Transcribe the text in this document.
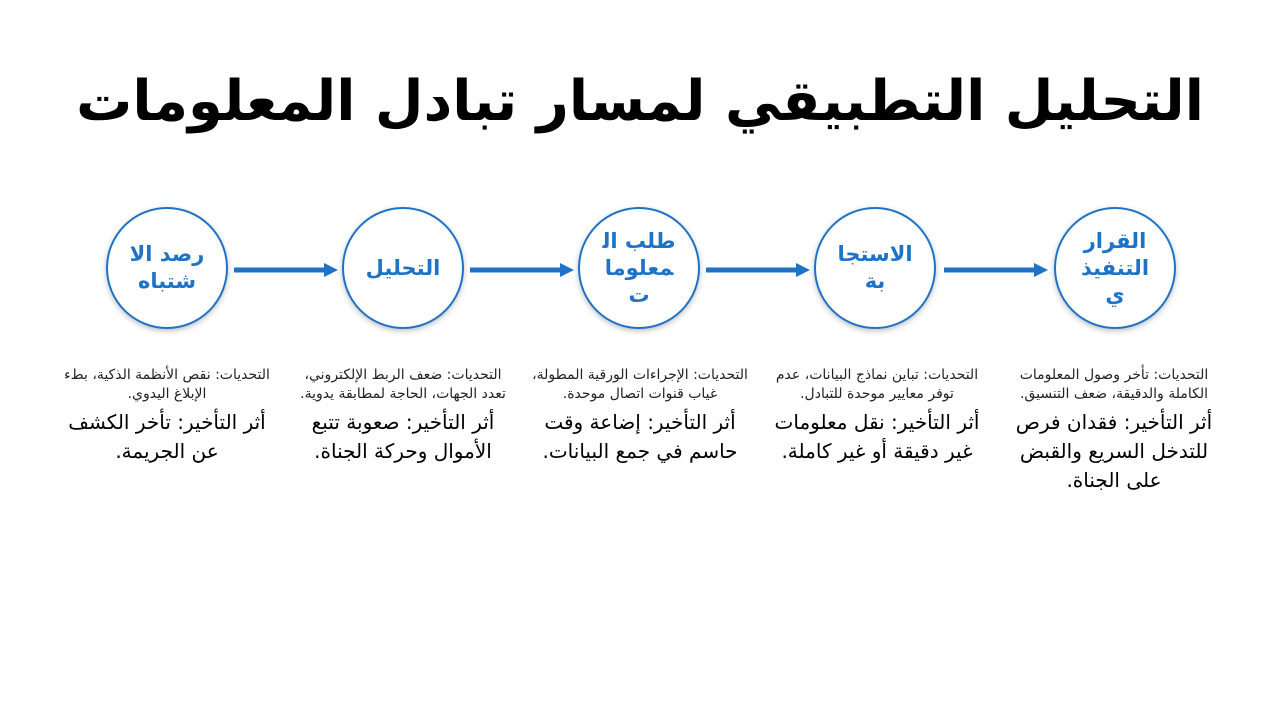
التحليل التطبيقي لمسار تبادل المعلومات
رصد الاشتباه
التحليل
طلب المعلومات
الاستجابة
القرار التنفيذي
التحديات: نقص الأنظمة الذكية، بطء الإبلاغ اليدوي.
أثر التأخير: تأخر الكشف عن الجريمة.
التحديات: ضعف الربط الإلكتروني، تعدد الجهات، الحاجة لمطابقة يدوية.
أثر التأخير: صعوبة تتبع الأموال وحركة الجناة.
التحديات: الإجراءات الورقية المطولة، غياب قنوات اتصال موحدة.
أثر التأخير: إضاعة وقت حاسم في جمع البيانات.
التحديات: تباين نماذج البيانات، عدم توفر معايير موحدة للتبادل.
أثر التأخير: نقل معلومات غير دقيقة أو غير كاملة.
التحديات: تأخر وصول المعلومات الكاملة والدقيقة، ضعف التنسيق.
أثر التأخير: فقدان فرص للتدخل السريع والقبض على الجناة.
